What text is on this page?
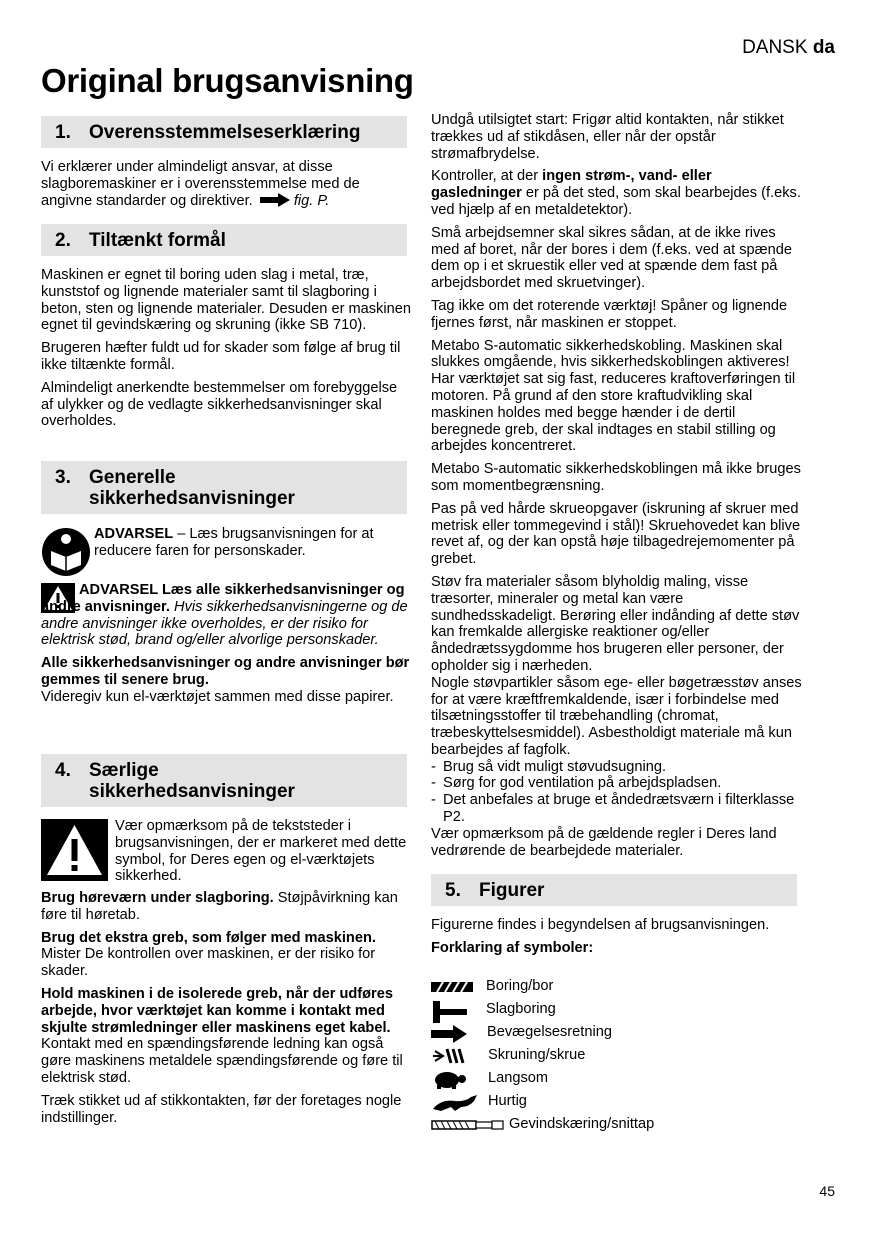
DANSK da
Original brugsanvisning
1. Overensstemmelseserklæring

Vi erklærer under almindeligt ansvar, at disse slagboremaskiner er i overensstemmelse med de angivne standarder og direktiver.	fig. P.

2. Tiltænkt formål

Maskinen er egnet til boring uden slag i metal, træ, kunststof og lignende materialer samt til slagboring i beton, sten og lignende materialer. Desuden er maskinen egnet til gevindskæring og skruning (ikke SB 710).

Brugeren hæfter fuldt ud for skader som følge af brug til ikke tiltænkte formål.

Almindeligt anerkendte bestemmelser om forebyggelse af ulykker og de vedlagte sikkerhedsanvisninger skal overholdes.

3. Generelle
sikkerhedsanvisninger

ADVARSEL – Læs brugsanvisningen for at reducere faren for personskader.

ADVARSEL Læs alle sikkerhedsanvisninger og andre anvisninger. Hvis sikkerhedsanvisningerne og de andre anvisninger ikke overholdes, er der risiko for elektrisk stød, brand og/eller alvorlige personskader.

Alle sikkerhedsanvisninger og andre anvisninger bør gemmes til senere brug.
Videregiv kun el-værktøjet sammen med disse papirer.

4. Særlige
sikkerhedsanvisninger

Vær opmærksom på de tekststeder i brugsanvisningen, der er markeret med dette symbol, for Deres egen og el-værktøjets sikkerhed.

Brug høreværn under slagboring. Støjpåvirkning kan føre til høretab.

Brug det ekstra greb, som følger med maskinen. Mister De kontrollen over maskinen, er der risiko for skader.

Hold maskinen i de isolerede greb, når der udføres arbejde, hvor værktøjet kan komme i kontakt med skjulte strømledninger eller maskinens eget kabel. Kontakt med en spændingsførende ledning kan også gøre maskinens metaldele spændingsførende og føre til elektrisk stød.

Træk stikket ud af stikkontakten, før der foretages nogle indstillinger.

Undgå utilsigtet start: Frigør altid kontakten, når stikket trækkes ud af stikdåsen, eller når der opstår strømafbrydelse.

Kontroller, at der ingen strøm-, vand- eller gasledninger er på det sted, som skal bearbejdes (f.eks. ved hjælp af en metaldetektor).

Små arbejdsemner skal sikres sådan, at de ikke rives med af boret, når der bores i dem (f.eks. ved at spænde dem op i et skruestik eller ved at spænde dem fast på arbejdsbordet med skruetvinger).

Tag ikke om det roterende værktøj! Spåner og lignende fjernes først, når maskinen er stoppet.

Metabo S-automatic sikkerhedskobling. Maskinen skal slukkes omgående, hvis sikkerhedskoblingen aktiveres! Har værktøjet sat sig fast, reduceres kraftoverføringen til motoren. På grund af den store kraftudvikling skal maskinen holdes med begge hænder i de dertil beregnede greb, der skal indtages en stabil stilling og arbejdes koncentreret.

Metabo S-automatic sikkerhedskoblingen må ikke bruges som momentbegrænsning.

Pas på ved hårde skrueopgaver (iskruning af skruer med metrisk eller tommegevind i stål)! Skruehovedet kan blive revet af, og der kan opstå høje tilbagedrejemomenter på grebet.

Støv fra materialer såsom blyholdig maling, visse træsorter, mineraler og metal kan være sundhedsskadeligt. Berøring eller indånding af dette støv kan fremkalde allergiske reaktioner og/eller åndedrætssygdomme hos brugeren eller personer, der opholder sig i nærheden.

Nogle støvpartikler såsom ege- eller bøgetræsstøv anses for at være kræftfremkaldende, især i forbindelse med tilsætningsstoffer til træbehandling (chromat, træbeskyttelsesmiddel). Asbestholdigt materiale må kun bearbejdes af fagfolk.

- Brug så vidt muligt støvudsugning.
- Sørg for god ventilation på arbejdspladsen.
- Det anbefales at bruge et åndedrætsværn i filterklasse P2.

Vær opmærksom på de gældende regler i Deres land vedrørende de bearbejdede materialer.

5. Figurer

Figurerne findes i begyndelsen af brugsanvisningen.

Forklaring af symboler:

Boring/bor
Slagboring
Bevægelsesretning
Skruning/skrue
Langsom
Hurtig
Gevindskæring/snittap
45
